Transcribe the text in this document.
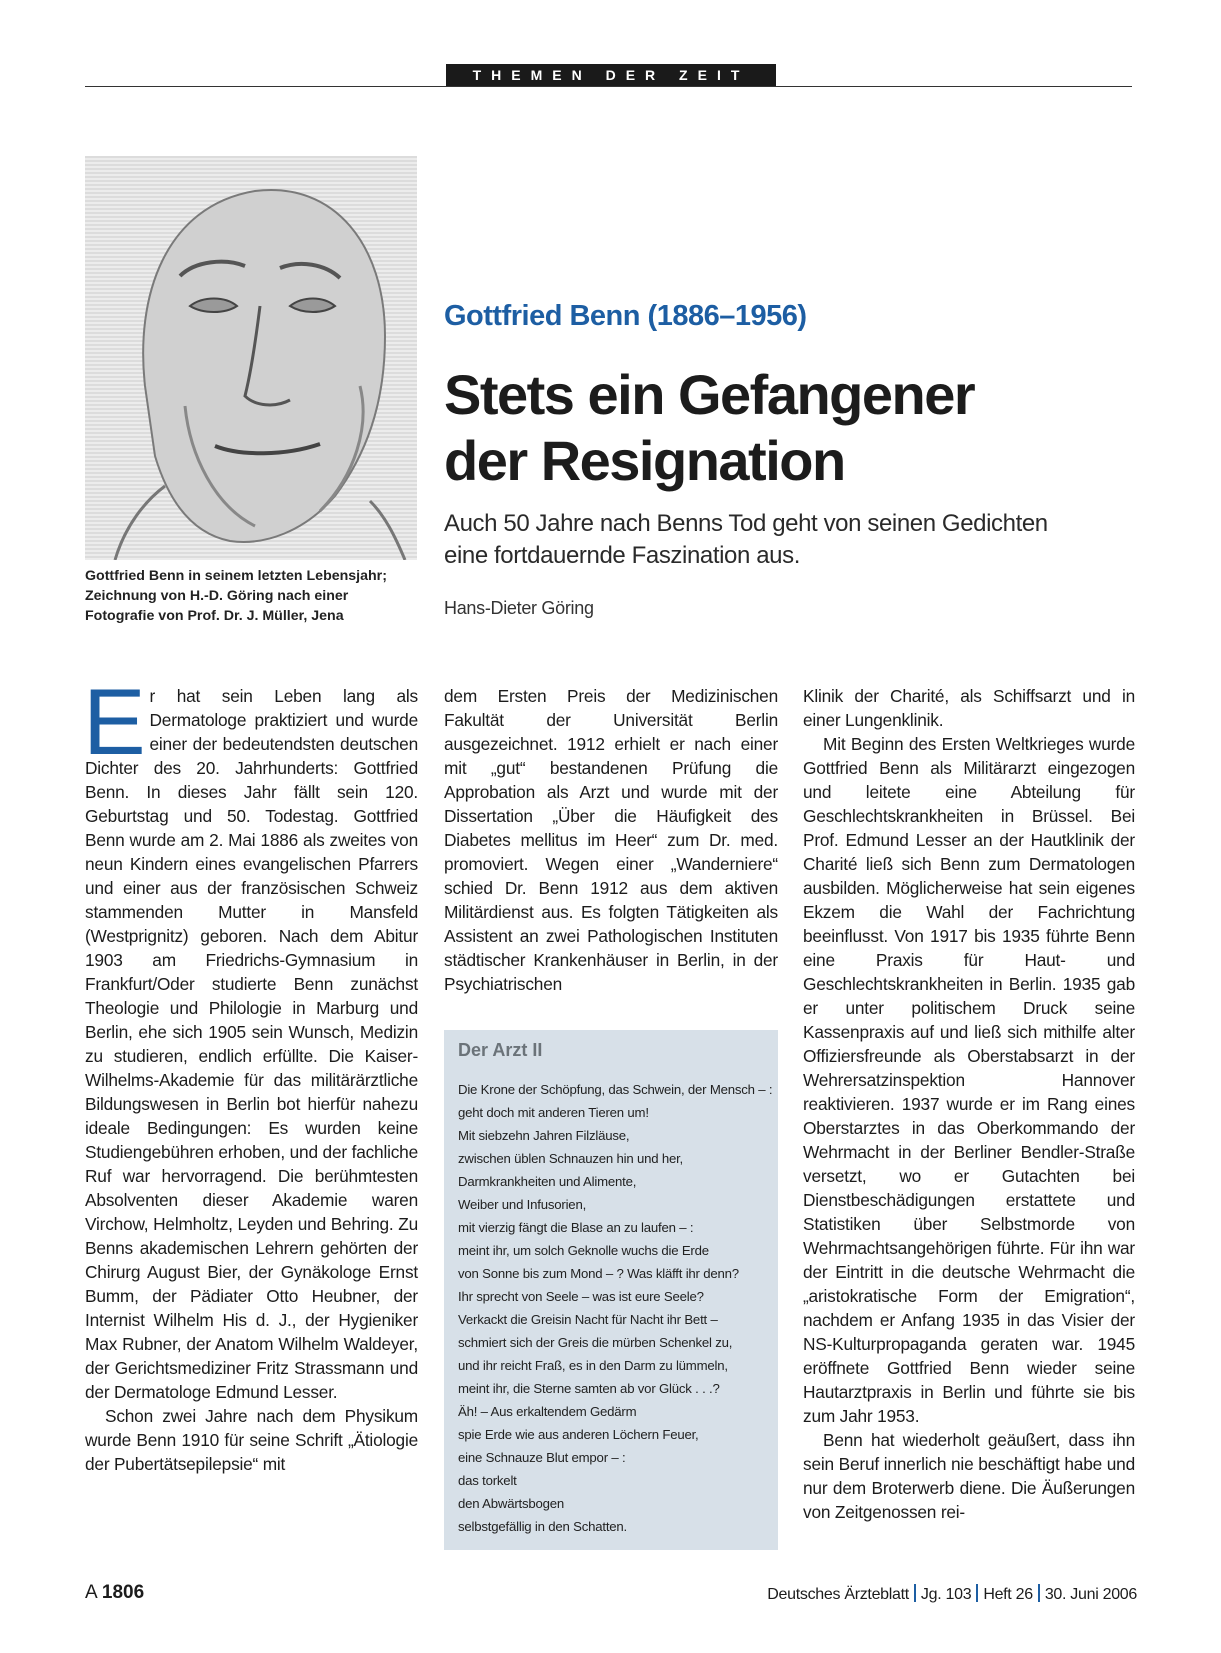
THEMEN DER ZEIT
Gottfried Benn in seinem letzten Lebensjahr; Zeichnung von H.-D. Göring nach einer Fotografie von Prof. Dr. J. Müller, Jena
Gottfried Benn (1886–1956)
Stets ein Gefangener
der Resignation
Auch 50 Jahre nach Benns Tod geht von seinen Gedichten
eine fortdauernde Faszination aus.
Hans-Dieter Göring

Er hat sein Leben lang als Dermatologe praktiziert und wurde einer der bedeutendsten deutschen Dichter des 20. Jahrhunderts: Gottfried Benn. In dieses Jahr fällt sein 120. Geburtstag und 50. Todestag. Gottfried Benn wurde am 2. Mai 1886 als zweites von neun Kindern eines evangelischen Pfarrers und einer aus der französischen Schweiz stammenden Mutter in Mansfeld (Westprignitz) geboren. Nach dem Abitur 1903 am Friedrichs-Gymnasium in Frankfurt/Oder studierte Benn zunächst Theologie und Philologie in Marburg und Berlin, ehe sich 1905 sein Wunsch, Medizin zu studieren, endlich erfüllte. Die Kaiser-Wilhelms-Akademie für das militärärztliche Bildungswesen in Berlin bot hierfür nahezu ideale Bedingungen: Es wurden keine Studiengebühren erhoben, und der fachliche Ruf war hervorragend. Die berühmtesten Absolventen dieser Akademie waren Virchow, Helmholtz, Leyden und Behring. Zu Benns akademischen Lehrern gehörten der Chirurg August Bier, der Gynäkologe Ernst Bumm, der Pädiater Otto Heubner, der Internist Wilhelm His d. J., der Hygieniker Max Rubner, der Anatom Wilhelm Waldeyer, der Gerichtsmediziner Fritz Strassmann und der Dermatologe Edmund Lesser.

Schon zwei Jahre nach dem Physikum wurde Benn 1910 für seine Schrift „Ätiologie der Pubertätsepilepsie“ mit

dem Ersten Preis der Medizinischen Fakultät der Universität Berlin ausgezeichnet. 1912 erhielt er nach einer mit „gut“ bestandenen Prüfung die Approbation als Arzt und wurde mit der Dissertation „Über die Häufigkeit des Diabetes mellitus im Heer“ zum Dr. med. promoviert. Wegen einer „Wanderniere“ schied Dr. Benn 1912 aus dem aktiven Militärdienst aus. Es folgten Tätigkeiten als Assistent an zwei Pathologischen Instituten städtischer Krankenhäuser in Berlin, in der Psychiatrischen

Der Arzt II
Die Krone der Schöpfung, das Schwein, der Mensch – :
geht doch mit anderen Tieren um!
Mit siebzehn Jahren Filzläuse,
zwischen üblen Schnauzen hin und her,
Darmkrankheiten und Alimente,
Weiber und Infusorien,
mit vierzig fängt die Blase an zu laufen – :
meint ihr, um solch Geknolle wuchs die Erde
von Sonne bis zum Mond – ? Was kläfft ihr denn?
Ihr sprecht von Seele – was ist eure Seele?
Verkackt die Greisin Nacht für Nacht ihr Bett –
schmiert sich der Greis die mürben Schenkel zu,
und ihr reicht Fraß, es in den Darm zu lümmeln,
meint ihr, die Sterne samten ab vor Glück . . .?
Äh! – Aus erkaltendem Gedärm
spie Erde wie aus anderen Löchern Feuer,
eine Schnauze Blut empor – :
das torkelt
den Abwärtsbogen
selbstgefällig in den Schatten.

Klinik der Charité, als Schiffsarzt und in einer Lungenklinik.

Mit Beginn des Ersten Weltkrieges wurde Gottfried Benn als Militärarzt eingezogen und leitete eine Abteilung für Geschlechtskrankheiten in Brüssel. Bei Prof. Edmund Lesser an der Hautklinik der Charité ließ sich Benn zum Dermatologen ausbilden. Möglicherweise hat sein eigenes Ekzem die Wahl der Fachrichtung beeinflusst. Von 1917 bis 1935 führte Benn eine Praxis für Haut- und Geschlechtskrankheiten in Berlin. 1935 gab er unter politischem Druck seine Kassenpraxis auf und ließ sich mithilfe alter Offiziersfreunde als Oberstabsarzt in der Wehrersatzinspektion Hannover reaktivieren. 1937 wurde er im Rang eines Oberstarztes in das Oberkommando der Wehrmacht in der Berliner Bendler-Straße versetzt, wo er Gutachten bei Dienstbeschädigungen erstattete und Statistiken über Selbstmorde von Wehrmachtsangehörigen führte. Für ihn war der Eintritt in die deutsche Wehrmacht die „aristokratische Form der Emigration“, nachdem er Anfang 1935 in das Visier der NS-Kulturpropaganda geraten war. 1945 eröffnete Gottfried Benn wieder seine Hautarztpraxis in Berlin und führte sie bis zum Jahr 1953.

Benn hat wiederholt geäußert, dass ihn sein Beruf innerlich nie beschäftigt habe und nur dem Broterwerb diene. Die Äußerungen von Zeitgenossen rei-

A 1806	Deutsches Ärzteblatt Jg. 103 Heft 26 30. Juni 2006
